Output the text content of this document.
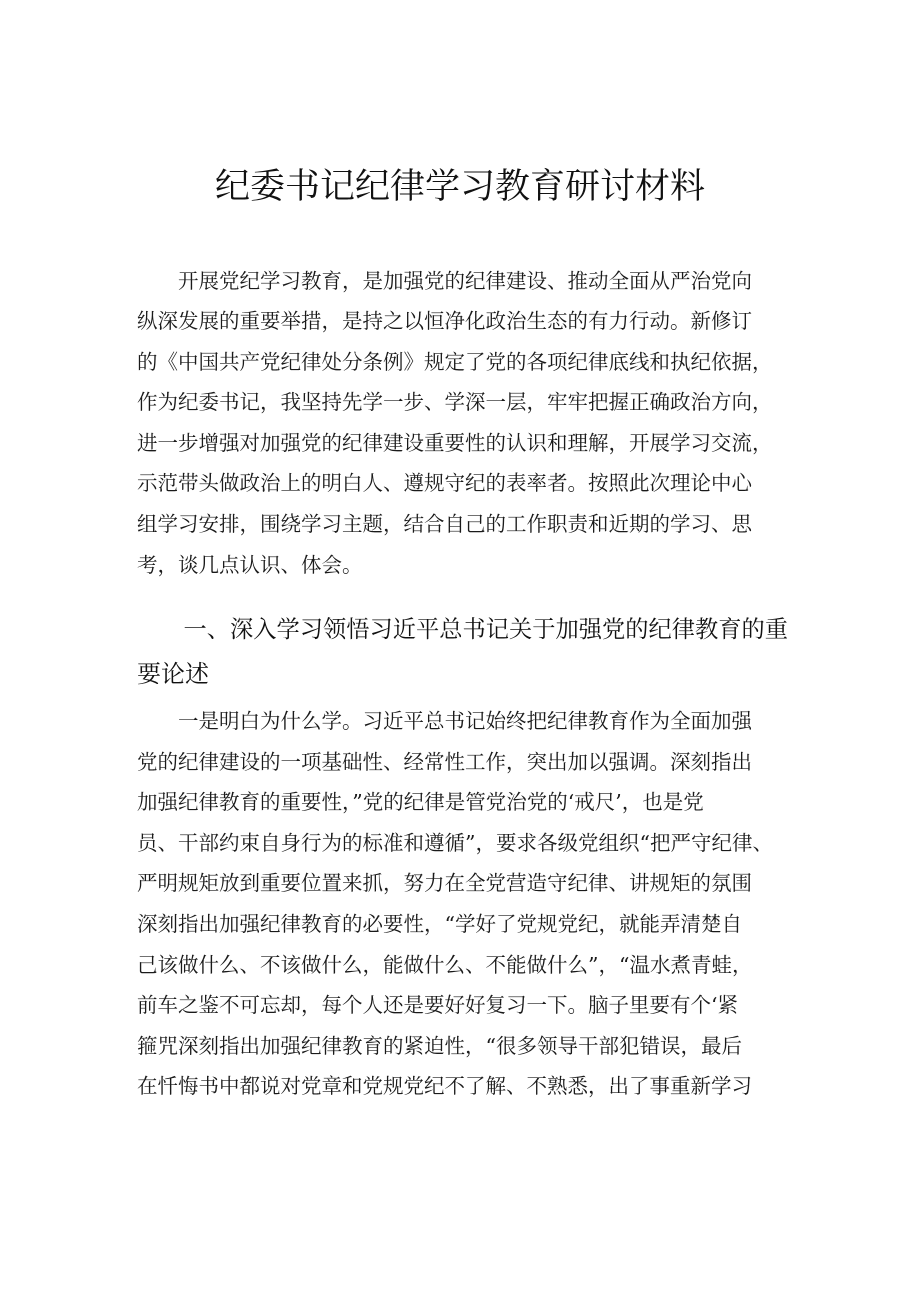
纪委书记纪律学习教育研讨材料
　　开展党纪学习教育，是加强党的纪律建设、推动全面从严治党向
纵深发展的重要举措，是持之以恒净化政治生态的有力行动。新修订
的《中国共产党纪律处分条例》规定了党的各项纪律底线和执纪依据，
作为纪委书记，我坚持先学一步、学深一层，牢牢把握正确政治方向，
进一步增强对加强党的纪律建设重要性的认识和理解，开展学习交流，
示范带头做政治上的明白人、遵规守纪的表率者。按照此次理论中心
组学习安排，围绕学习主题，结合自己的工作职责和近期的学习、思
考，谈几点认识、体会。
　　一、深入学习领悟习近平总书记关于加强党的纪律教育的重
要论述
　　一是明白为什么学。习近平总书记始终把纪律教育作为全面加强
党的纪律建设的一项基础性、经常性工作，突出加以强调。深刻指出
加强纪律教育的重要性，”党的纪律是管党治党的‘戒尺’，也是党
员、干部约束自身行为的标准和遵循”，要求各级党组织“把严守纪律、
严明规矩放到重要位置来抓，努力在全党营造守纪律、讲规矩的氛围
深刻指出加强纪律教育的必要性，“学好了党规党纪，就能弄清楚自
己该做什么、不该做什么，能做什么、不能做什么”，“温水煮青蛙，
前车之鉴不可忘却，每个人还是要好好复习一下。脑子里要有个‘紧
箍咒深刻指出加强纪律教育的紧迫性，“很多领导干部犯错误，最后
在忏悔书中都说对党章和党规党纪不了解、不熟悉，出了事重新学习
